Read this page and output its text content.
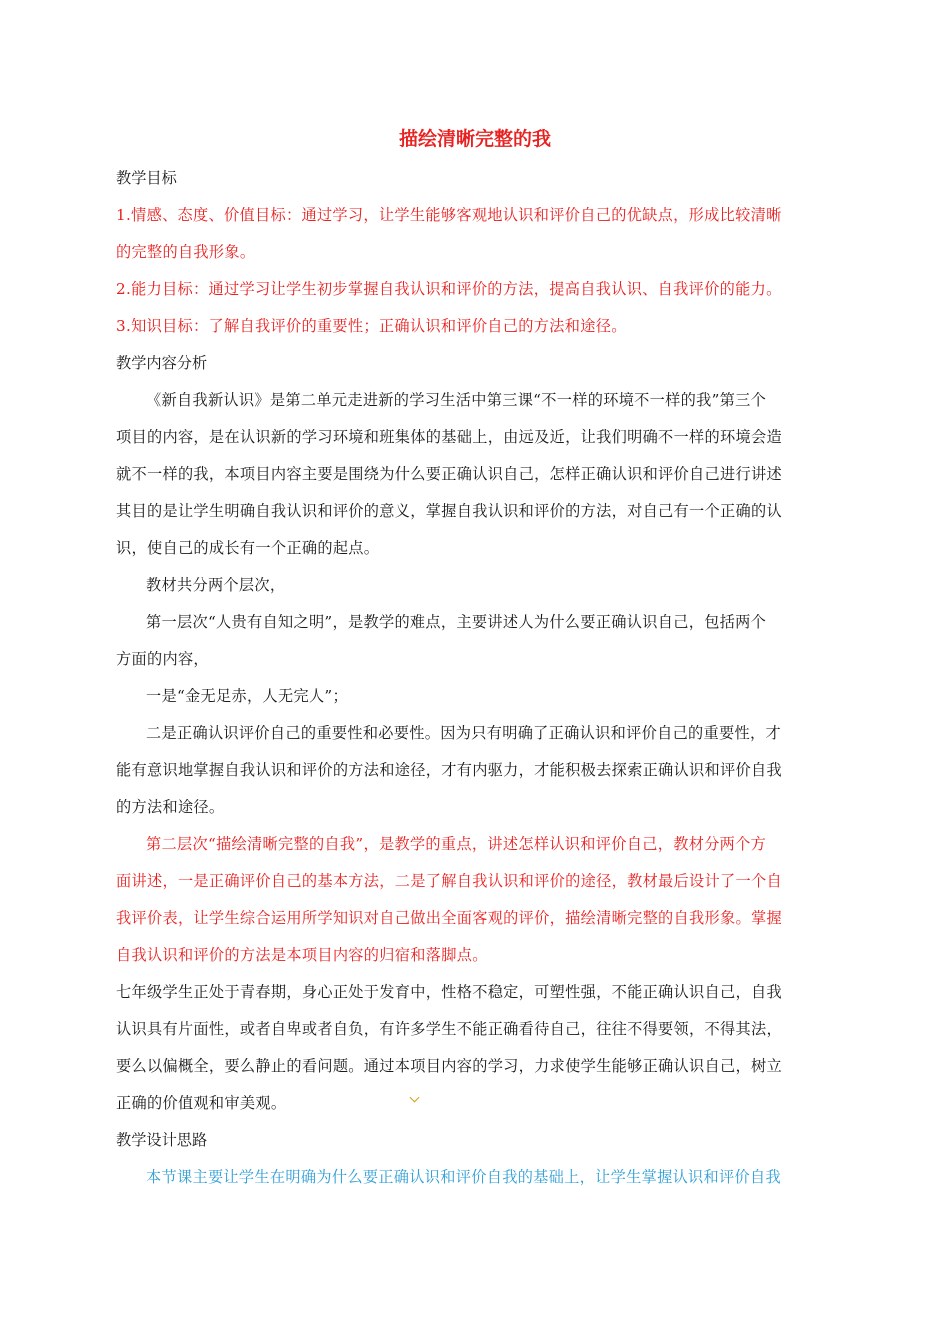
描绘清晰完整的我

教学目标

1.情感、态度、价值目标：通过学习，让学生能够客观地认识和评价自己的优缺点，形成比较清晰

的完整的自我形象。

2.能力目标：通过学习让学生初步掌握自我认识和评价的方法，提高自我认识、自我评价的能力。

3.知识目标：了解自我评价的重要性；正确认识和评价自己的方法和途径。

教学内容分析

《新自我新认识》是第二单元走进新的学习生活中第三课“不一样的环境不一样的我”第三个

项目的内容，是在认识新的学习环境和班集体的基础上，由远及近，让我们明确不一样的环境会造

就不一样的我，本项目内容主要是围绕为什么要正确认识自己，怎样正确认识和评价自己进行讲述

其目的是让学生明确自我认识和评价的意义，掌握自我认识和评价的方法，对自己有一个正确的认

识，使自己的成长有一个正确的起点。

教材共分两个层次，

第一层次“人贵有自知之明”，是教学的难点，主要讲述人为什么要正确认识自己，包括两个

方面的内容，

一是“金无足赤，人无完人”；

二是正确认识评价自己的重要性和必要性。因为只有明确了正确认识和评价自己的重要性，才

能有意识地掌握自我认识和评价的方法和途径，才有内驱力，才能积极去探索正确认识和评价自我

的方法和途径。

第二层次“描绘清晰完整的自我”，是教学的重点，讲述怎样认识和评价自己，教材分两个方

面讲述，一是正确评价自己的基本方法，二是了解自我认识和评价的途径，教材最后设计了一个自

我评价表，让学生综合运用所学知识对自己做出全面客观的评价，描绘清晰完整的自我形象。掌握

自我认识和评价的方法是本项目内容的归宿和落脚点。

七年级学生正处于青春期，身心正处于发育中，性格不稳定，可塑性强，不能正确认识自己，自我

认识具有片面性，或者自卑或者自负，有许多学生不能正确看待自己，往往不得要领，不得其法，

要么以偏概全，要么静止的看问题。通过本项目内容的学习，力求使学生能够正确认识自己，树立

正确的价值观和审美观。

教学设计思路

本节课主要让学生在明确为什么要正确认识和评价自我的基础上，让学生掌握认识和评价自我
